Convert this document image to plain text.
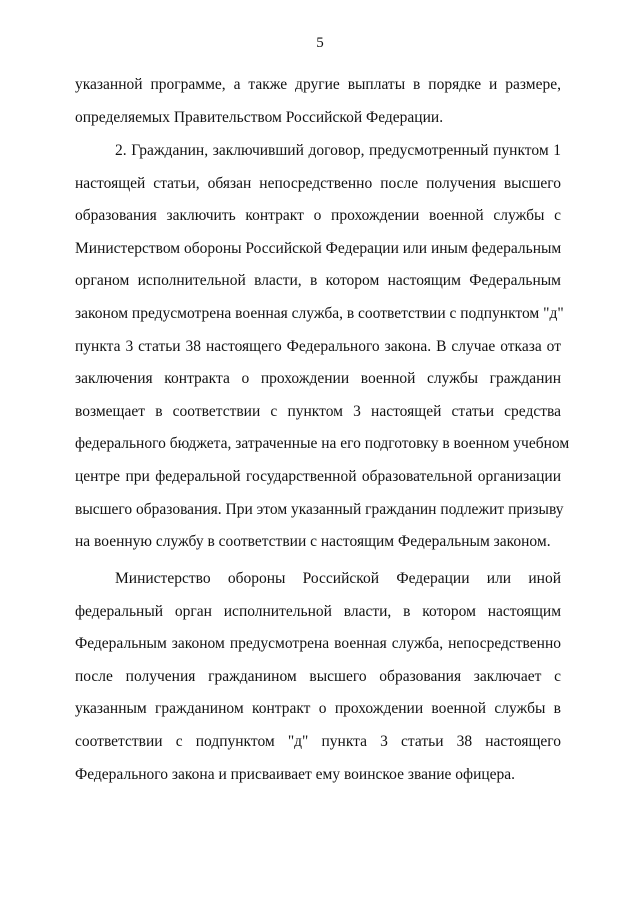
5
указанной программе, а также другие выплаты в порядке и размере,
определяемых Правительством Российской Федерации.
2. Гражданин, заключивший договор, предусмотренный пунктом 1
настоящей статьи, обязан непосредственно после получения высшего
образования заключить контракт о прохождении военной службы с
Министерством обороны Российской Федерации или иным федеральным
органом исполнительной власти, в котором настоящим Федеральным
законом предусмотрена военная служба, в соответствии с подпунктом "д"
пункта 3 статьи 38 настоящего Федерального закона. В случае отказа от
заключения контракта о прохождении военной службы гражданин
возмещает в соответствии с пунктом 3 настоящей статьи средства
федерального бюджета, затраченные на его подготовку в военном учебном
центре при федеральной государственной образовательной организации
высшего образования. При этом указанный гражданин подлежит призыву
на военную службу в соответствии с настоящим Федеральным законом.
Министерство обороны Российской Федерации или иной
федеральный орган исполнительной власти, в котором настоящим
Федеральным законом предусмотрена военная служба, непосредственно
после получения гражданином высшего образования заключает с
указанным гражданином контракт о прохождении военной службы в
соответствии с подпунктом "д" пункта 3 статьи 38 настоящего
Федерального закона и присваивает ему воинское звание офицера.
